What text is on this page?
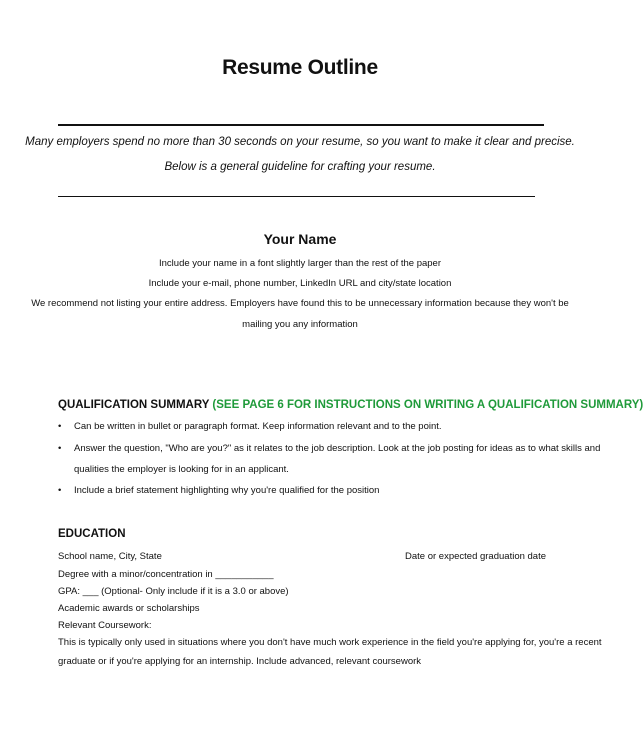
Resume Outline
Many employers spend no more than 30 seconds on your resume, so you want to make it clear and precise.
Below is a general guideline for crafting your resume.
Your Name
Include your name in a font slightly larger than the rest of the paper
Include your e-mail, phone number, LinkedIn URL and city/state location
We recommend not listing your entire address. Employers have found this to be unnecessary information because they won't be
mailing you any information
QUALIFICATION SUMMARY (SEE PAGE 6 FOR INSTRUCTIONS ON WRITING A QUALIFICATION SUMMARY)
• Can be written in bullet or paragraph format. Keep information relevant and to the point.
• Answer the question, "Who are you?" as it relates to the job description. Look at the job posting for ideas as to what skills and
qualities the employer is looking for in an applicant.
• Include a brief statement highlighting why you're qualified for the position
EDUCATION
School name, City, State	Date or expected graduation date
Degree with a minor/concentration in ___________
GPA: ___ (Optional- Only include if it is a 3.0 or above)
Academic awards or scholarships
Relevant Coursework:
This is typically only used in situations where you don't have much work experience in the field you're applying for, you're a recent
graduate or if you're applying for an internship. Include advanced, relevant coursework
